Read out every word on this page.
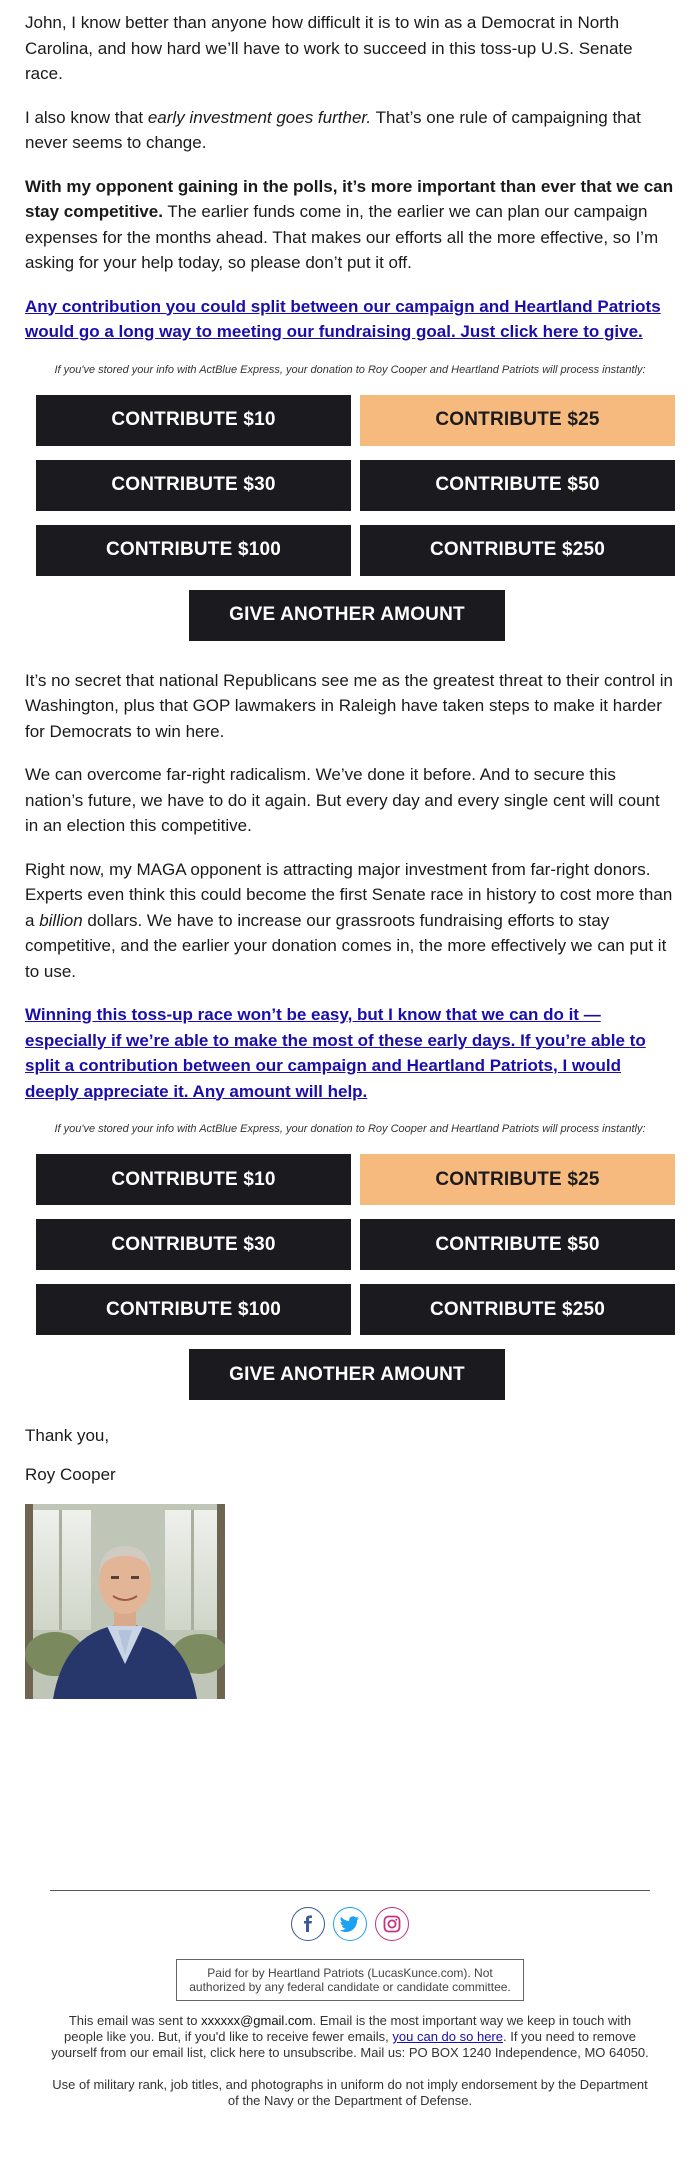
John, I know better than anyone how difficult it is to win as a Democrat in North Carolina, and how hard we’ll have to work to succeed in this toss-up U.S. Senate race.

I also know that early investment goes further. That’s one rule of campaigning that never seems to change.

With my opponent gaining in the polls, it’s more important than ever that we can stay competitive. The earlier funds come in, the earlier we can plan our campaign expenses for the months ahead. That makes our efforts all the more effective, so I’m asking for your help today, so please don’t put it off.

Any contribution you could split between our campaign and Heartland Patriots would go a long way to meeting our fundraising goal. Just click here to give.
If you've stored your info with ActBlue Express, your donation to Roy Cooper and Heartland Patriots will process instantly:
CONTRIBUTE $10	CONTRIBUTE $25
CONTRIBUTE $30	CONTRIBUTE $50
CONTRIBUTE $100	CONTRIBUTE $250
GIVE ANOTHER AMOUNT

It’s no secret that national Republicans see me as the greatest threat to their control in Washington, plus that GOP lawmakers in Raleigh have taken steps to make it harder for Democrats to win here.

We can overcome far-right radicalism. We’ve done it before. And to secure this nation’s future, we have to do it again. But every day and every single cent will count in an election this competitive.

Right now, my MAGA opponent is attracting major investment from far-right donors. Experts even think this could become the first Senate race in history to cost more than a billion dollars. We have to increase our grassroots fundraising efforts to stay competitive, and the earlier your donation comes in, the more effectively we can put it to use.

Winning this toss-up race won’t be easy, but I know that we can do it — especially if we’re able to make the most of these early days. If you’re able to split a contribution between our campaign and Heartland Patriots, I would deeply appreciate it. Any amount will help.
If you've stored your info with ActBlue Express, your donation to Roy Cooper and Heartland Patriots will process instantly:
CONTRIBUTE $10	CONTRIBUTE $25
CONTRIBUTE $30	CONTRIBUTE $50
CONTRIBUTE $100	CONTRIBUTE $250
GIVE ANOTHER AMOUNT

Thank you,

Roy Cooper

Paid for by Heartland Patriots (LucasKunce.com). Not authorized by any federal candidate or candidate committee.
This email was sent to xxxxxx@gmail.com. Email is the most important way we keep in touch with people like you. But, if you'd like to receive fewer emails, you can do so here. If you need to remove yourself from our email list, click here to unsubscribe. Mail us: PO BOX 1240 Independence, MO 64050.
Use of military rank, job titles, and photographs in uniform do not imply endorsement by the Department of the Navy or the Department of Defense.
